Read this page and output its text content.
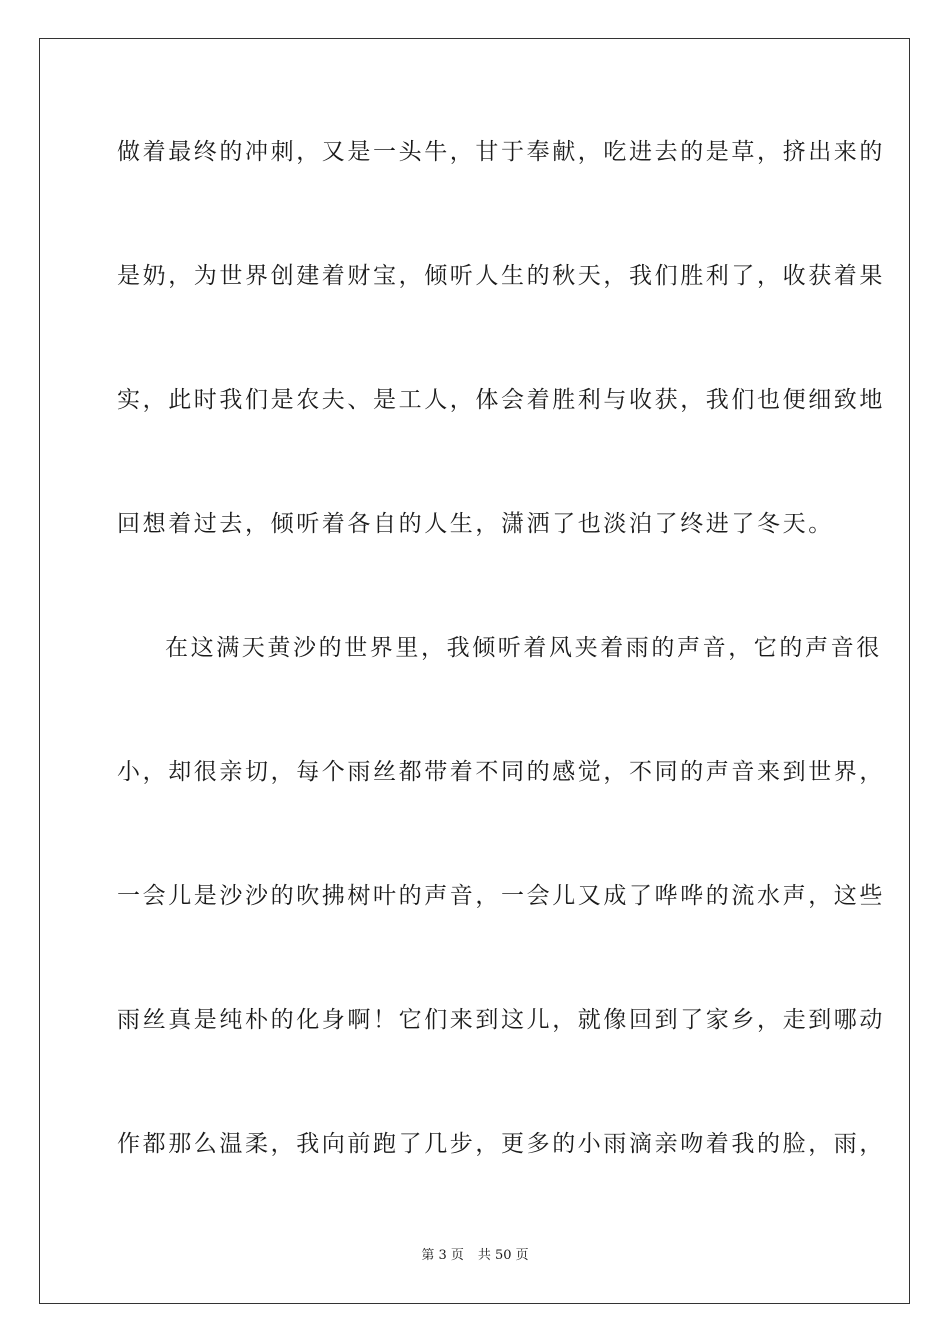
做着最终的冲刺，又是一头牛，甘于奉献，吃进去的是草，挤出来的
是奶，为世界创建着财宝，倾听人生的秋天，我们胜利了，收获着果
实，此时我们是农夫、是工人，体会着胜利与收获，我们也便细致地
回想着过去，倾听着各自的人生，潇洒了也淡泊了终进了冬天。
在这满天黄沙的世界里，我倾听着风夹着雨的声音，它的声音很
小，却很亲切，每个雨丝都带着不同的感觉，不同的声音来到世界，
一会儿是沙沙的吹拂树叶的声音，一会儿又成了哗哗的流水声，这些
雨丝真是纯朴的化身啊！它们来到这儿，就像回到了家乡，走到哪动
作都那么温柔，我向前跑了几步，更多的小雨滴亲吻着我的脸，雨，
第 3 页 共 50 页
